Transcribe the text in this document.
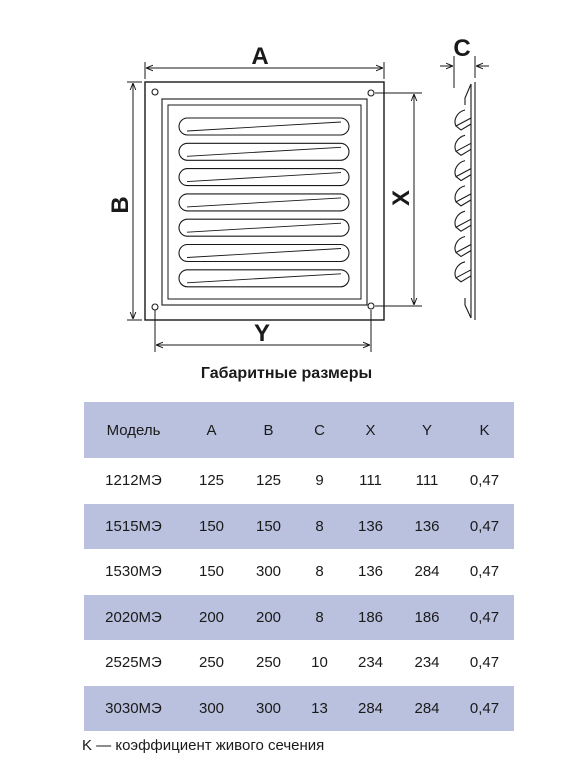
A
B	X
Y
C
Габаритные размеры
Модель	A	B	C	X	Y	K
1212МЭ	125	125	9	111	111	0,47
1515МЭ	150	150	8	136	136	0,47
1530МЭ	150	300	8	136	284	0,47
2020МЭ	200	200	8	186	186	0,47
2525МЭ	250	250	10	234	234	0,47
3030МЭ	300	300	13	284	284	0,47
K — коэффициент живого сечения
